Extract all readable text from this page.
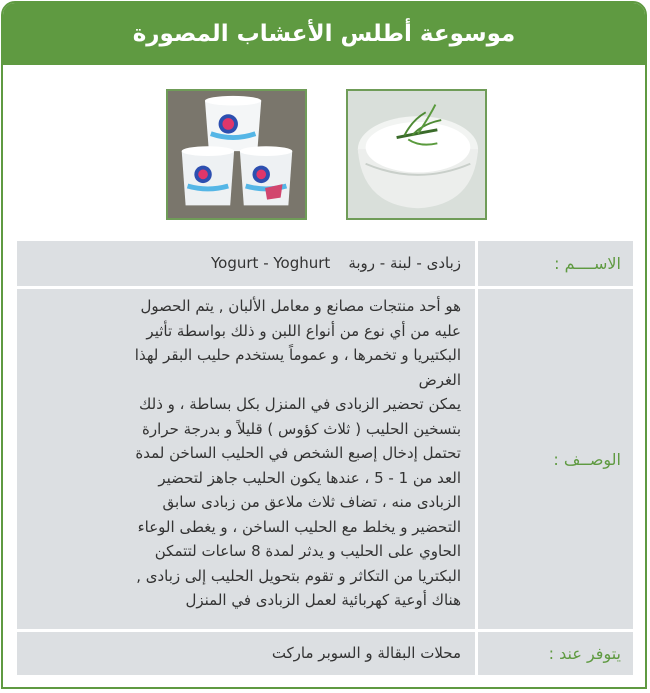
موسوعة أطلس الأعشاب المصورة
الاســــم :
زبادى - لبنة - روبة
Yogurt - Yoghurt
الوصــف :
هو أحد منتجات مصانع و معامل الألبان , يتم الحصول
عليه من أي نوع من أنواع اللبن و ذلك بواسطة تأثير
البكتيريا و تخمرها ، و عموماً يستخدم حليب البقر لهذا
الغرض
يمكن تحضير الزبادى في المنزل بكل بساطة ، و ذلك
بتسخين الحليب ( ثلاث كؤوس ) قليلاً و بدرجة حرارة
تحتمل إدخال إصبع الشخص في الحليب الساخن لمدة
العد من 1 - 5 ، عندها يكون الحليب جاهز لتحضير
الزبادى منه ، تضاف ثلاث ملاعق من زبادى سابق
التحضير و يخلط مع الحليب الساخن ، و يغطى الوعاء
الحاوي على الحليب و يدثر لمدة 8 ساعات لتتمكن
البكتريا من التكاثر و تقوم بتحويل الحليب إلى زبادى ,
هناك أوعية كهربائية لعمل الزبادى في المنزل
يتوفر عند :
محلات البقالة و السوبر ماركت
